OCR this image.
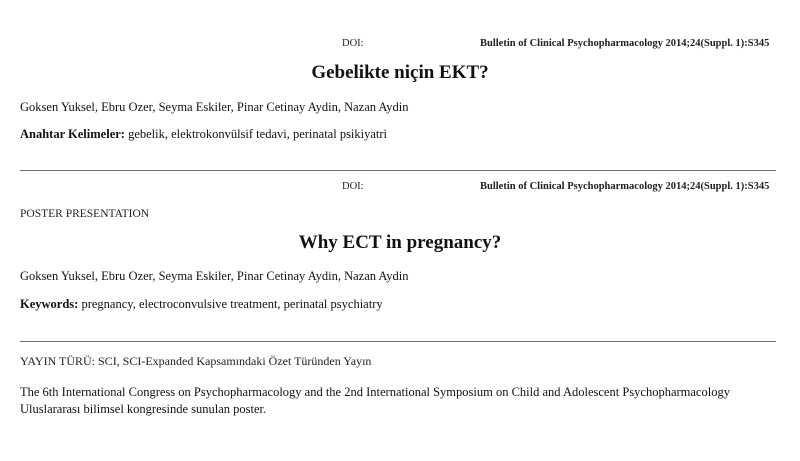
DOI:	Bulletin of Clinical Psychopharmacology 2014;24(Suppl. 1):S345
Gebelikte niçin EKT?
Goksen Yuksel, Ebru Ozer, Seyma Eskiler, Pinar Cetinay Aydin, Nazan Aydin
Anahtar Kelimeler: gebelik, elektrokonvülsif tedavi, perinatal psikiyatri
DOI:	Bulletin of Clinical Psychopharmacology 2014;24(Suppl. 1):S345
POSTER PRESENTATION
Why ECT in pregnancy?
Goksen Yuksel, Ebru Ozer, Seyma Eskiler, Pinar Cetinay Aydin, Nazan Aydin
Keywords: pregnancy, electroconvulsive treatment, perinatal psychiatry
YAYIN TÜRÜ: SCI, SCI-Expanded Kapsamındaki Özet Türünden Yayın
The 6th International Congress on Psychopharmacology and the 2nd International Symposium on Child and Adolescent Psychopharmacology
Uluslararası bilimsel kongresinde sunulan poster.
